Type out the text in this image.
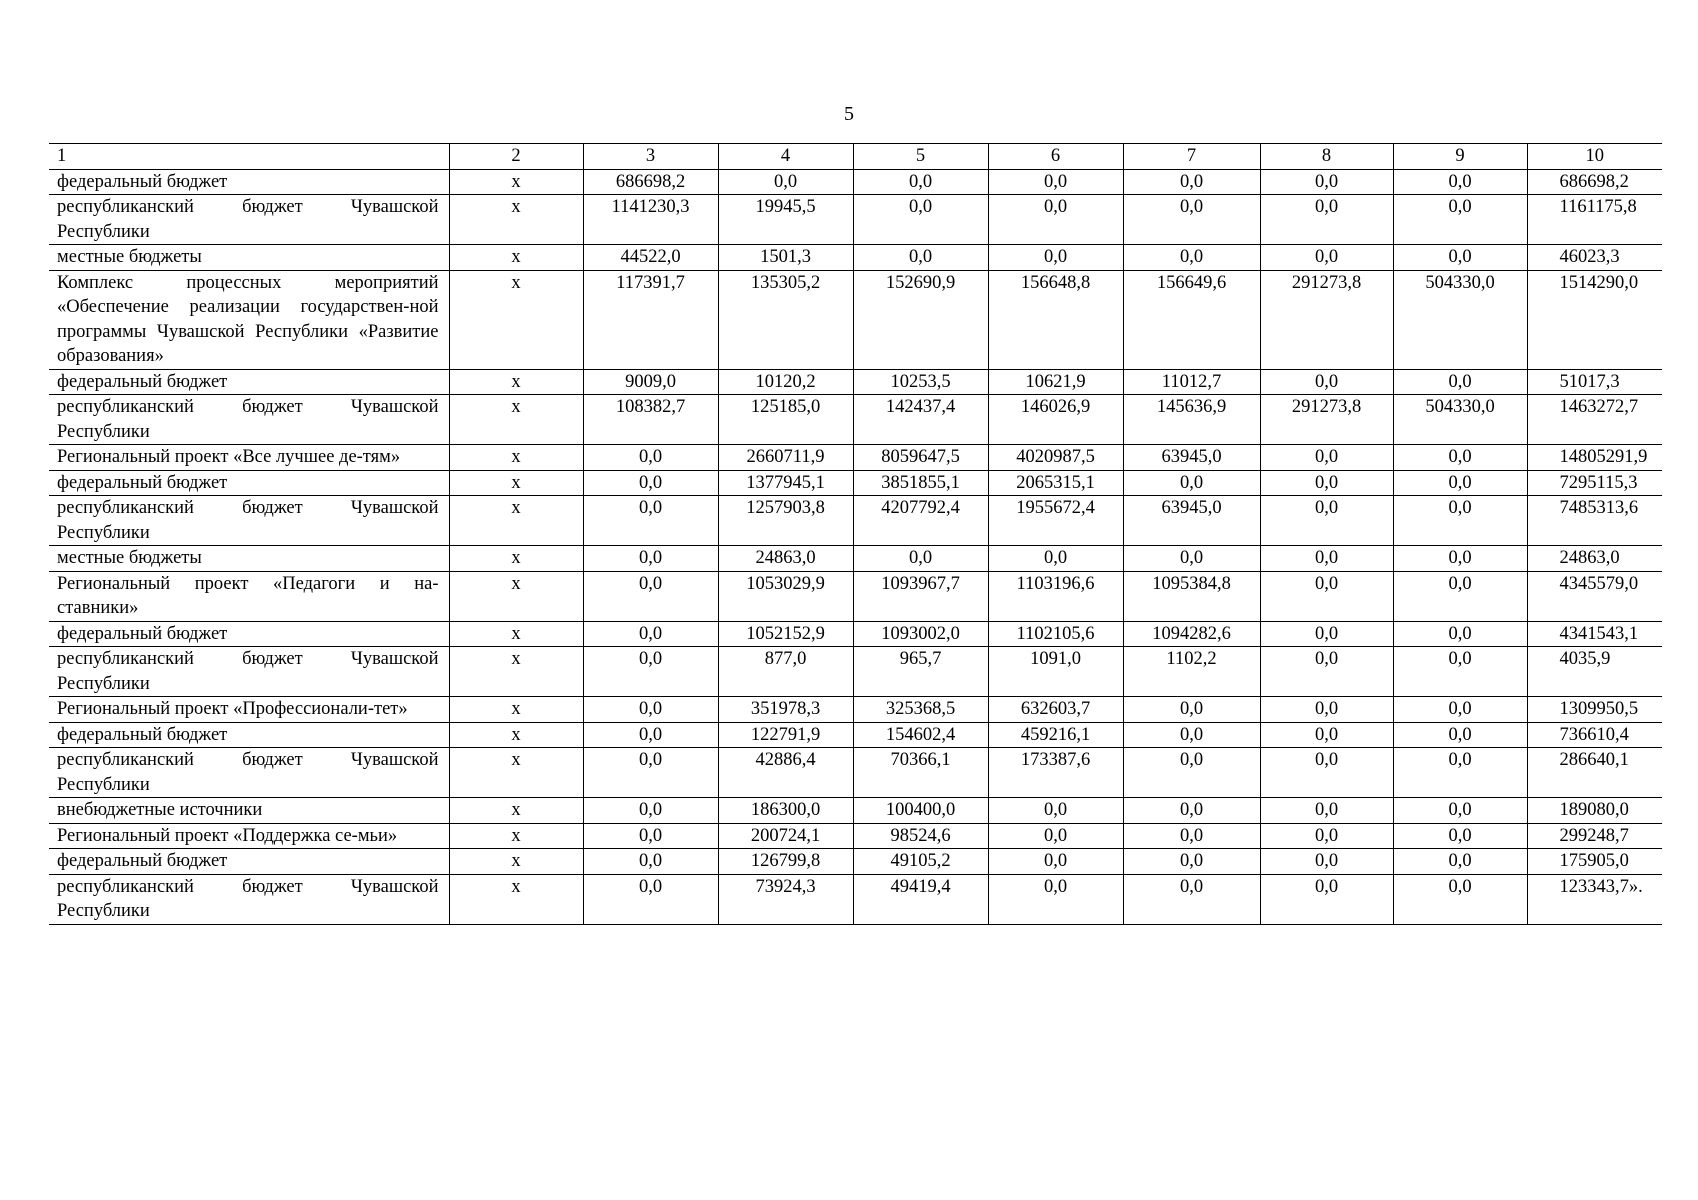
5
1	2	3	4	5	6	7	8	9	10
федеральный бюджет	х	686698,2	0,0	0,0	0,0	0,0	0,0	0,0	686698,2
республиканский бюджет Чувашской Республики	х	1141230,3	19945,5	0,0	0,0	0,0	0,0	0,0	1161175,8
местные бюджеты	х	44522,0	1501,3	0,0	0,0	0,0	0,0	0,0	46023,3
Комплекс процессных мероприятий «Обеспечение реализации государствен-ной программы Чувашской Республики «Развитие образования»	х	117391,7	135305,2	152690,9	156648,8	156649,6	291273,8	504330,0	1514290,0
федеральный бюджет	х	9009,0	10120,2	10253,5	10621,9	11012,7	0,0	0,0	51017,3
республиканский бюджет Чувашской Республики	х	108382,7	125185,0	142437,4	146026,9	145636,9	291273,8	504330,0	1463272,7
Региональный проект «Все лучшее де-тям»	х	0,0	2660711,9	8059647,5	4020987,5	63945,0	0,0	0,0	14805291,9
федеральный бюджет	х	0,0	1377945,1	3851855,1	2065315,1	0,0	0,0	0,0	7295115,3
республиканский бюджет Чувашской Республики	х	0,0	1257903,8	4207792,4	1955672,4	63945,0	0,0	0,0	7485313,6
местные бюджеты	х	0,0	24863,0	0,0	0,0	0,0	0,0	0,0	24863,0
Региональный проект «Педагоги и на-ставники»	х	0,0	1053029,9	1093967,7	1103196,6	1095384,8	0,0	0,0	4345579,0
федеральный бюджет	х	0,0	1052152,9	1093002,0	1102105,6	1094282,6	0,0	0,0	4341543,1
республиканский бюджет Чувашской Республики	х	0,0	877,0	965,7	1091,0	1102,2	0,0	0,0	4035,9
Региональный проект «Профессионали-тет»	х	0,0	351978,3	325368,5	632603,7	0,0	0,0	0,0	1309950,5
федеральный бюджет	х	0,0	122791,9	154602,4	459216,1	0,0	0,0	0,0	736610,4
республиканский бюджет Чувашской Республики	х	0,0	42886,4	70366,1	173387,6	0,0	0,0	0,0	286640,1
внебюджетные источники	х	0,0	186300,0	100400,0	0,0	0,0	0,0	0,0	189080,0
Региональный проект «Поддержка се-мьи»	х	0,0	200724,1	98524,6	0,0	0,0	0,0	0,0	299248,7
федеральный бюджет	х	0,0	126799,8	49105,2	0,0	0,0	0,0	0,0	175905,0
республиканский бюджет Чувашской Республики	х	0,0	73924,3	49419,4	0,0	0,0	0,0	0,0	123343,7».
